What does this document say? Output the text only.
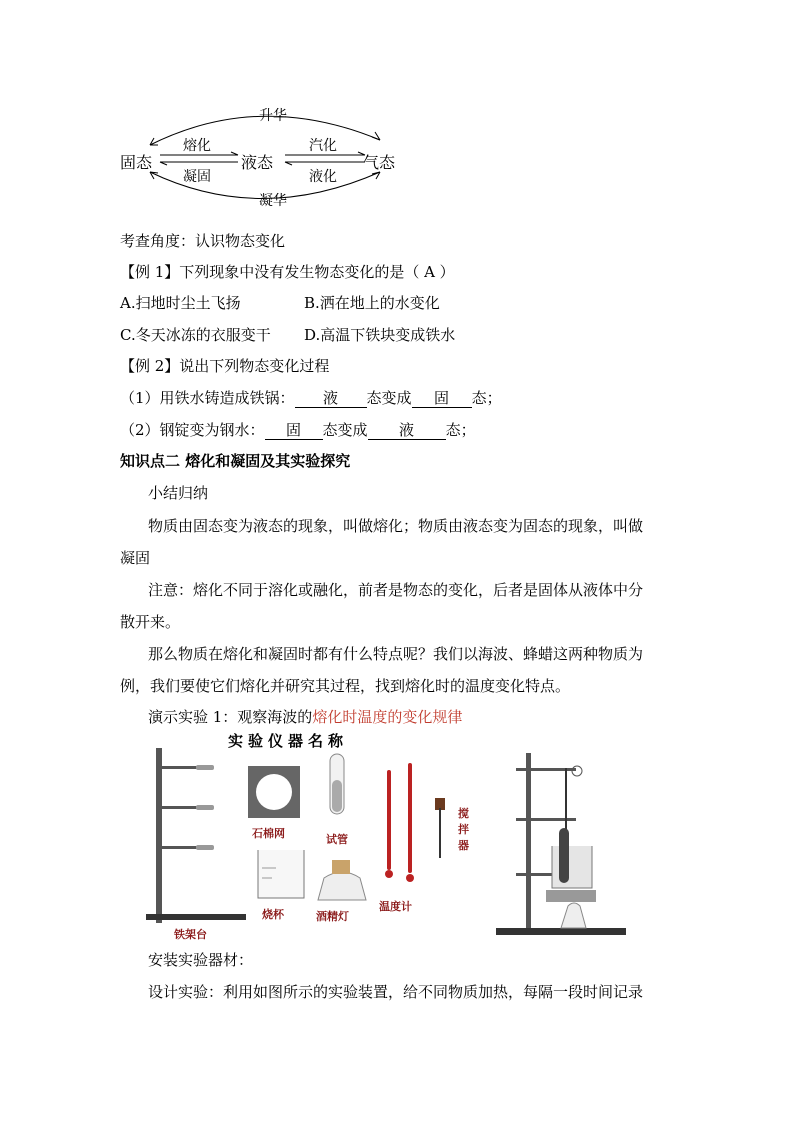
固态	液态	气态
升华
熔化
凝固
汽化
液化
凝华
考查角度：认识物态变化
【例 1】下列现象中没有发生物态变化的是（ A ）
A.扫地时尘土飞扬	B.洒在地上的水变化
C.冬天冰冻的衣服变干 D.高温下铁块变成铁水
【例 2】说出下列物态变化过程
（1）用铁水铸造成铁锅： 液 态变成 固 态；
（2）钢锭变为钢水： 固 态变成 液 态；
知识点二 熔化和凝固及其实验探究
小结归纳
物质由固态变为液态的现象，叫做熔化；物质由液态变为固态的现象，叫做
凝固
注意：熔化不同于溶化或融化，前者是物态的变化，后者是固体从液体中分
散开来。
那么物质在熔化和凝固时都有什么特点呢？我们以海波、蜂蜡这两种物质为
例，我们要使它们熔化并研究其过程，找到熔化时的温度变化特点。
演示实验 1：观察海波的熔化时温度的变化规律
实验仪器名称
石棉网	试管
温度计
搅拌器
烧杯	酒精灯
铁架台
安装实验器材：
设计实验：利用如图所示的实验装置，给不同物质加热，每隔一段时间记录
